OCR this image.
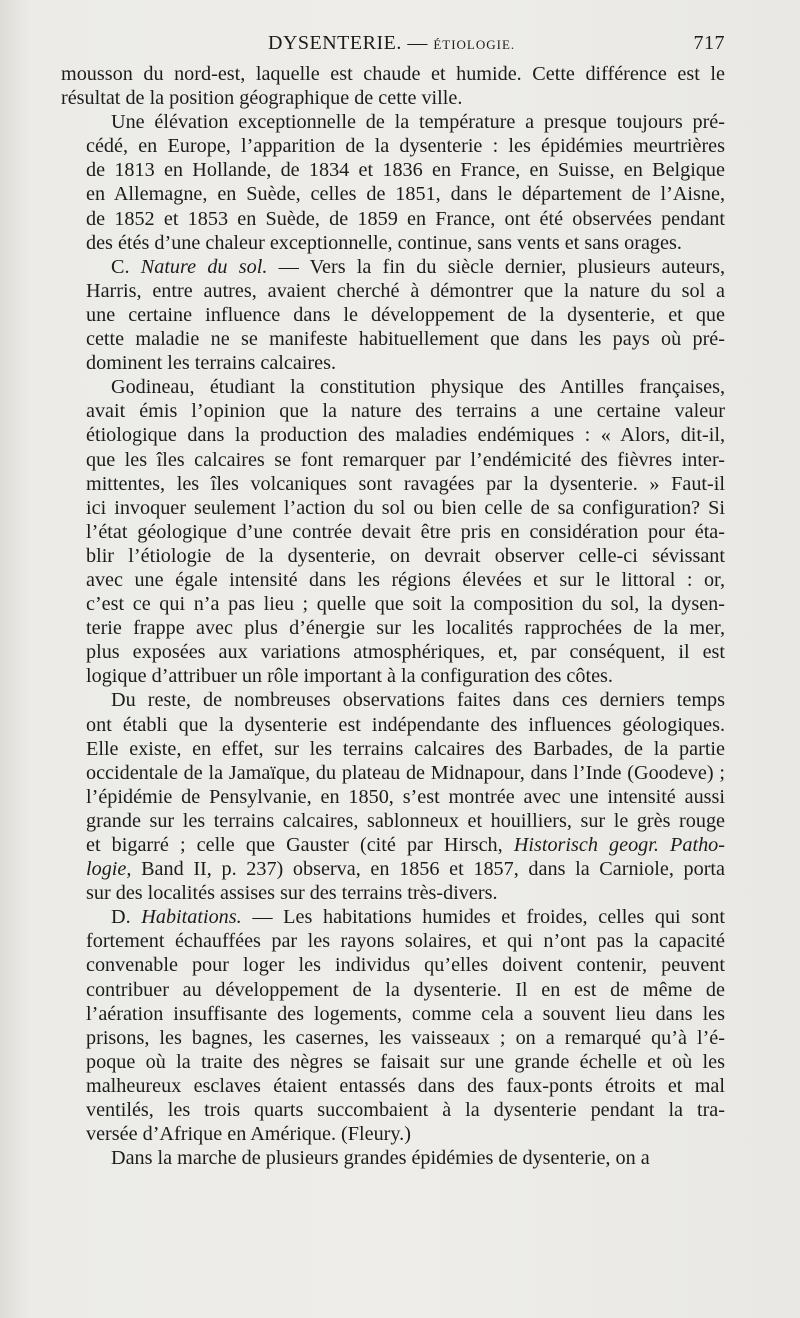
DYSENTERIE. — ÉTIOLOGIE.	717

mousson du nord-est, laquelle est chaude et humide. Cette différence est le
résultat de la position géographique de cette ville.

Une élévation exceptionnelle de la température a presque toujours pré-
cédé, en Europe, l’apparition de la dysenterie : les épidémies meurtrières
de 1813 en Hollande, de 1834 et 1836 en France, en Suisse, en Belgique
en Allemagne, en Suède, celles de 1851, dans le département de l’Aisne,
de 1852 et 1853 en Suède, de 1859 en France, ont été observées pendant
des étés d’une chaleur exceptionnelle, continue, sans vents et sans orages.

C. Nature du sol. — Vers la fin du siècle dernier, plusieurs auteurs,
Harris, entre autres, avaient cherché à démontrer que la nature du sol a
une certaine influence dans le développement de la dysenterie, et que
cette maladie ne se manifeste habituellement que dans les pays où pré-
dominent les terrains calcaires.

Godineau, étudiant la constitution physique des Antilles françaises,
avait émis l’opinion que la nature des terrains a une certaine valeur
étiologique dans la production des maladies endémiques : « Alors, dit-il,
que les îles calcaires se font remarquer par l’endémicité des fièvres inter-
mittentes, les îles volcaniques sont ravagées par la dysenterie. » Faut-il
ici invoquer seulement l’action du sol ou bien celle de sa configuration? Si
l’état géologique d’une contrée devait être pris en considération pour éta-
blir l’étiologie de la dysenterie, on devrait observer celle-ci sévissant
avec une égale intensité dans les régions élevées et sur le littoral : or,
c’est ce qui n’a pas lieu ; quelle que soit la composition du sol, la dysen-
terie frappe avec plus d’énergie sur les localités rapprochées de la mer,
plus exposées aux variations atmosphériques, et, par conséquent, il est
logique d’attribuer un rôle important à la configuration des côtes.

Du reste, de nombreuses observations faites dans ces derniers temps
ont établi que la dysenterie est indépendante des influences géologiques.
Elle existe, en effet, sur les terrains calcaires des Barbades, de la partie
occidentale de la Jamaïque, du plateau de Midnapour, dans l’Inde (Goodeve) ;
l’épidémie de Pensylvanie, en 1850, s’est montrée avec une intensité aussi
grande sur les terrains calcaires, sablonneux et houilliers, sur le grès rouge
et bigarré ; celle que Gauster (cité par Hirsch, Historisch geogr. Patho-
logie, Band II, p. 237) observa, en 1856 et 1857, dans la Carniole, porta
sur des localités assises sur des terrains très-divers.

D. Habitations. — Les habitations humides et froides, celles qui sont
fortement échauffées par les rayons solaires, et qui n’ont pas la capacité
convenable pour loger les individus qu’elles doivent contenir, peuvent
contribuer au développement de la dysenterie. Il en est de même de
l’aération insuffisante des logements, comme cela a souvent lieu dans les
prisons, les bagnes, les casernes, les vaisseaux ; on a remarqué qu’à l’é-
poque où la traite des nègres se faisait sur une grande échelle et où les
malheureux esclaves étaient entassés dans des faux-ponts étroits et mal
ventilés, les trois quarts succombaient à la dysenterie pendant la tra-
versée d’Afrique en Amérique. (Fleury.)

Dans la marche de plusieurs grandes épidémies de dysenterie, on a
